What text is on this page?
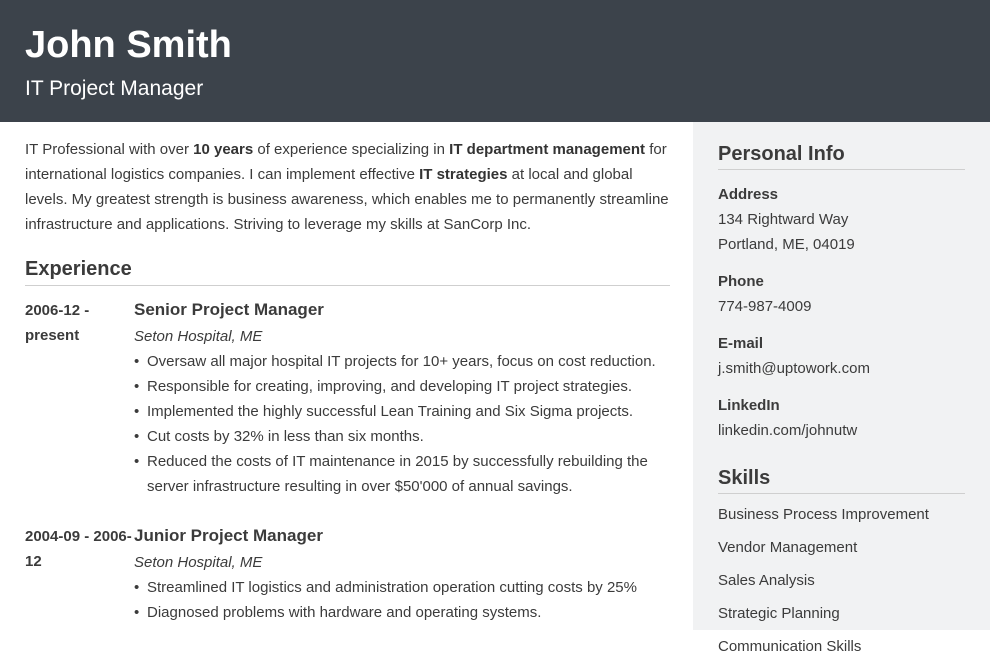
John Smith
IT Project Manager

IT Professional with over 10 years of experience specializing in IT department management for international logistics companies. I can implement effective IT strategies at local and global levels. My greatest strength is business awareness, which enables me to permanently streamline infrastructure and applications. Striving to leverage my skills at SanCorp Inc.

Experience
2006-12 - present
Senior Project Manager
Seton Hospital, ME
• Oversaw all major hospital IT projects for 10+ years, focus on cost reduction.
• Responsible for creating, improving, and developing IT project strategies.
• Implemented the highly successful Lean Training and Six Sigma projects.
• Cut costs by 32% in less than six months.
• Reduced the costs of IT maintenance in 2015 by successfully rebuilding the server infrastructure resulting in over $50'000 of annual savings.
2004-09 - 2006-12
Junior Project Manager
Seton Hospital, ME
• Streamlined IT logistics and administration operation cutting costs by 25%
• Diagnosed problems with hardware and operating systems.
Personal Info
Address
134 Rightward Way
Portland, ME, 04019
Phone
774-987-4009
E-mail
j.smith@uptowork.com
LinkedIn
linkedin.com/johnutw
Skills
Business Process Improvement
Vendor Management
Sales Analysis
Strategic Planning
Communication Skills
